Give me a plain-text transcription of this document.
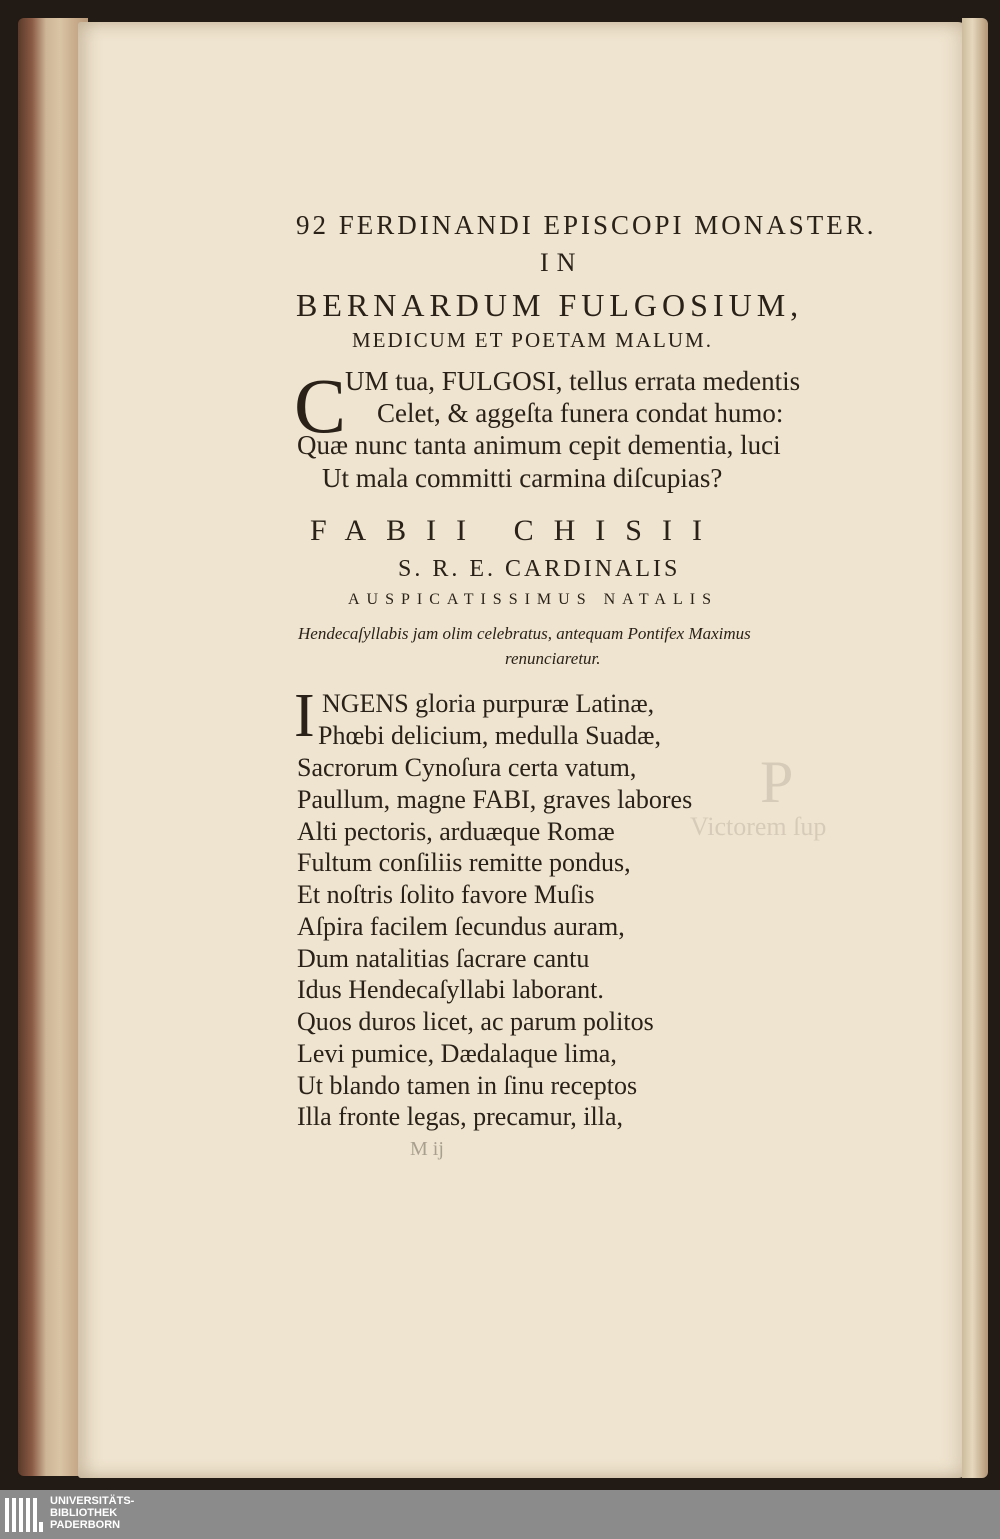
P
Victorem ſup
92 FERDINANDI EPISCOPI MONASTER.
IN
BERNARDUM FULGOSIUM,
MEDICUM ET POETAM MALUM.
C
UM tua, FULGOSI, tellus errata medentis
Celet, & aggeſta funera condat humo:
Quæ nunc tanta animum cepit dementia, luci
Ut mala committi carmina diſcupias?
FABII CHISII
S. R. E. CARDINALIS
AUSPICATISSIMUS NATALIS
Hendecaſyllabis jam olim celebratus, antequam Pontifex Maximus
renunciaretur.
I NGENS gloria purpuræ Latinæ,
Phœbi delicium, medulla Suadæ,
Sacrorum Cynoſura certa vatum,
Paullum, magne FABI, graves labores
Alti pectoris, arduæque Romæ
Fultum conſiliis remitte pondus,
Et noſtris ſolito favore Muſis
Aſpira facilem ſecundus auram,
Dum natalitias ſacrare cantu
Idus Hendecaſyllabi laborant.
Quos duros licet, ac parum politos
Levi pumice, Dædalaque lima,
Ut blando tamen in ſinu receptos
Illa fronte legas, precamur, illa,
M ij
UNIVERSITÄTS-
BIBLIOTHEK
PADERBORN
